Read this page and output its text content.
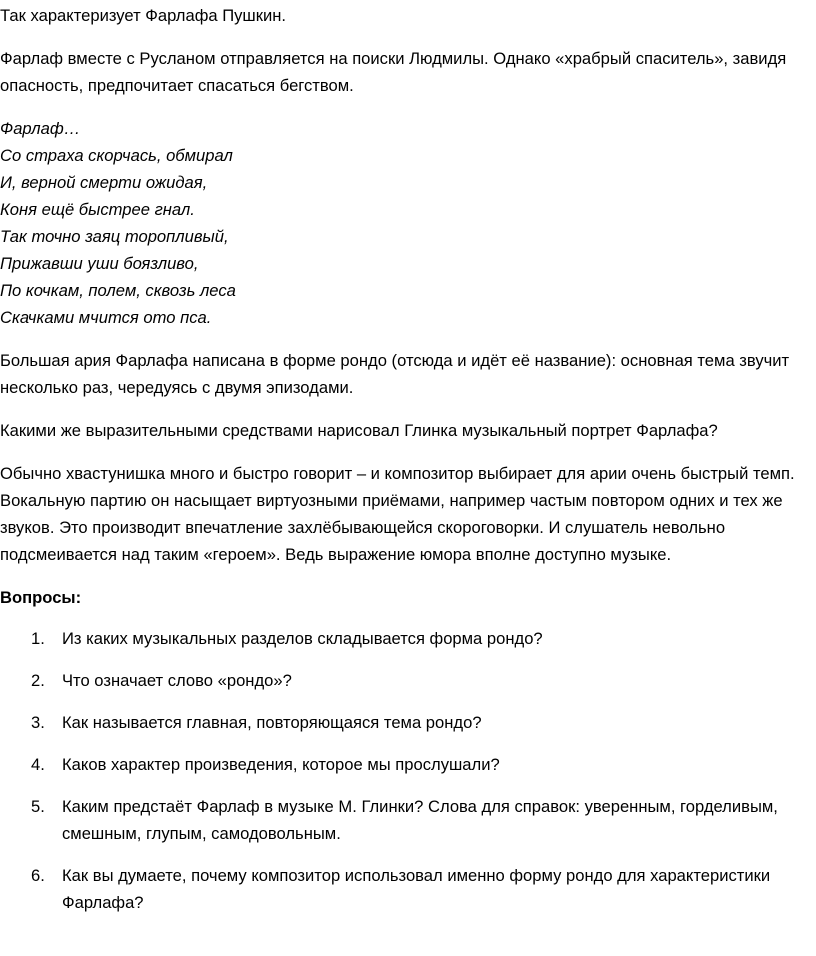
Так характеризует Фарлафа Пушкин.

Фарлаф вместе с Русланом отправляется на поиски Людмилы. Однако «храбрый спаситель», завидя опасность, предпочитает спасаться бегством.

Фарлаф…
Со страха скорчась, обмирал
И, верной смерти ожидая,
Коня ещё быстрее гнал.
Так точно заяц торопливый,
Прижавши уши боязливо,
По кочкам, полем, сквозь леса
Скачками мчится ото пса.

Большая ария Фарлафа написана в форме рондо (отсюда и идёт её название): основная тема звучит несколько раз, чередуясь с двумя эпизодами.

Какими же выразительными средствами нарисовал Глинка музыкальный портрет Фарлафа?

Обычно хвастунишка много и быстро говорит – и композитор выбирает для арии очень быстрый темп. Вокальную партию он насыщает виртуозными приёмами, например частым повтором одних и тех же звуков. Это производит впечатление захлёбывающейся скороговорки. И слушатель невольно подсмеивается над таким «героем». Ведь выражение юмора вполне доступно музыке.

Вопросы:

1. Из каких музыкальных разделов складывается форма рондо?
2. Что означает слово «рондо»?
3. Как называется главная, повторяющаяся тема рондо?
4. Каков характер произведения, которое мы прослушали?
5. Каким предстаёт Фарлаф в музыке М. Глинки? Слова для справок: уверенным, горделивым, смешным, глупым, самодовольным.
6. Как вы думаете, почему композитор использовал именно форму рондо для характеристики Фарлафа?
